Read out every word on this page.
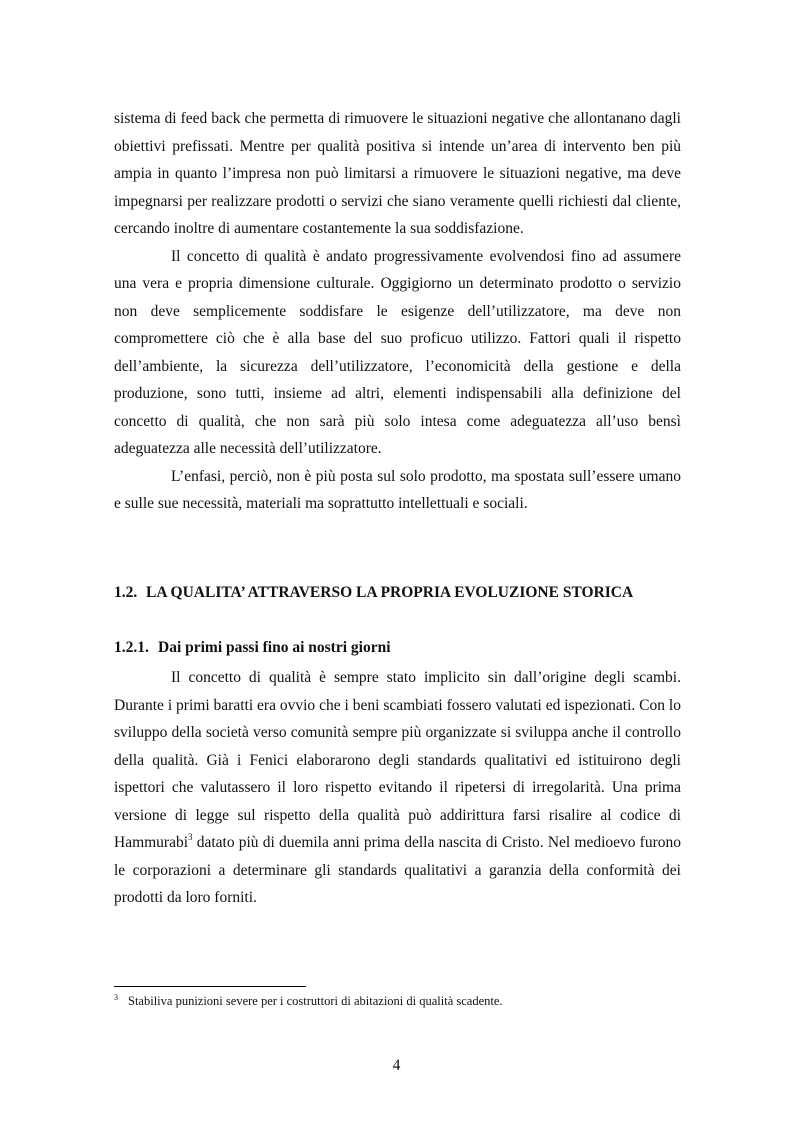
sistema di feed back che permetta di rimuovere le situazioni negative che allontanano dagli obiettivi prefissati. Mentre per qualità positiva si intende un’area di intervento ben più ampia in quanto l’impresa non può limitarsi a rimuovere le situazioni negative, ma deve impegnarsi per realizzare prodotti o servizi che siano veramente quelli richiesti dal cliente, cercando inoltre di aumentare costantemente la sua soddisfazione.

Il concetto di qualità è andato progressivamente evolvendosi fino ad assumere una vera e propria dimensione culturale. Oggigiorno un determinato prodotto o servizio non deve semplicemente soddisfare le esigenze dell’utilizzatore, ma deve non compromettere ciò che è alla base del suo proficuo utilizzo. Fattori quali il rispetto dell’ambiente, la sicurezza dell’utilizzatore, l’economicità della gestione e della produzione, sono tutti, insieme ad altri, elementi indispensabili alla definizione del concetto di qualità, che non sarà più solo intesa come adeguatezza all’uso bensì adeguatezza alle necessità dell’utilizzatore.

L’enfasi, perciò, non è più posta sul solo prodotto, ma spostata sull’essere umano e sulle sue necessità, materiali ma soprattutto intellettuali e sociali.

1.2. LA QUALITA’ ATTRAVERSO LA PROPRIA EVOLUZIONE STORICA
1.2.1. Dai primi passi fino ai nostri giorni

Il concetto di qualità è sempre stato implicito sin dall’origine degli scambi. Durante i primi baratti era ovvio che i beni scambiati fossero valutati ed ispezionati. Con lo sviluppo della società verso comunità sempre più organizzate si sviluppa anche il controllo della qualità. Già i Fenici elaborarono degli standards qualitativi ed istituirono degli ispettori che valutassero il loro rispetto evitando il ripetersi di irregolarità. Una prima versione di legge sul rispetto della qualità può addirittura farsi risalire al codice di Hammurabi$^3$ datato più di duemila anni prima della nascita di Cristo. Nel medioevo furono le corporazioni a determinare gli standards qualitativi a garanzia della conformità dei prodotti da loro forniti.

3 Stabiliva punizioni severe per i costruttori di abitazioni di qualità scadente.
4
